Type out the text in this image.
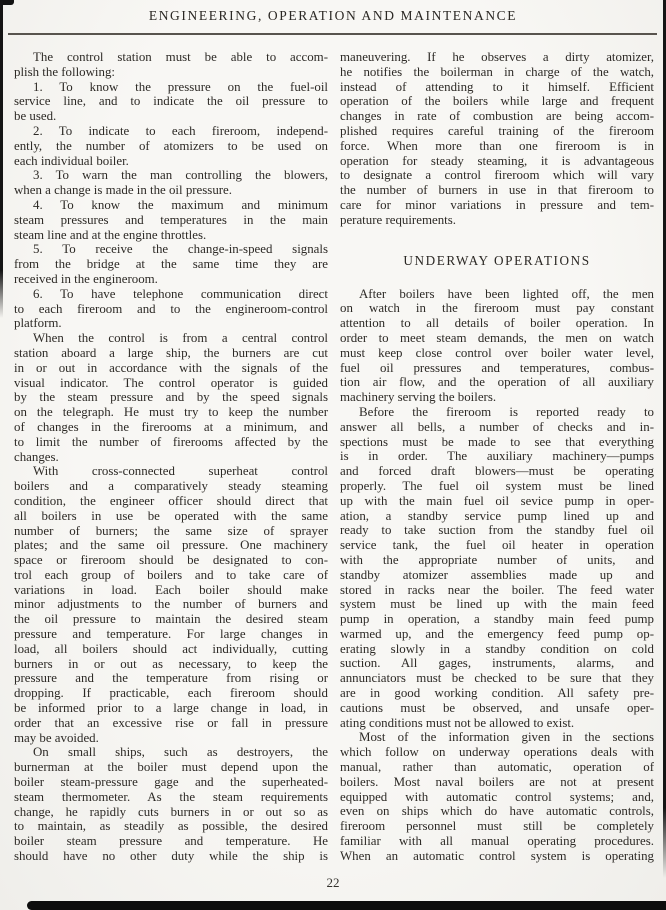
ENGINEERING, OPERATION AND MAINTENANCE
The control station must be able to accom-
plish the following:
1. To know the pressure on the fuel-oil
service line, and to indicate the oil pressure to
be used.
2. To indicate to each fireroom, independ-
ently, the number of atomizers to be used on
each individual boiler.
3. To warn the man controlling the blowers,
when a change is made in the oil pressure.
4. To know the maximum and minimum
steam pressures and temperatures in the main
steam line and at the engine throttles.
5. To receive the change-in-speed signals
from the bridge at the same time they are
received in the engineroom.
6. To have telephone communication direct
to each fireroom and to the engineroom-control
platform.
When the control is from a central control
station aboard a large ship, the burners are cut
in or out in accordance with the signals of the
visual indicator. The control operator is guided
by the steam pressure and by the speed signals
on the telegraph. He must try to keep the number
of changes in the firerooms at a minimum, and
to limit the number of firerooms affected by the
changes.
With cross-connected superheat control
boilers and a comparatively steady steaming
condition, the engineer officer should direct that
all boilers in use be operated with the same
number of burners; the same size of sprayer
plates; and the same oil pressure. One machinery
space or fireroom should be designated to con-
trol each group of boilers and to take care of
variations in load. Each boiler should make
minor adjustments to the number of burners and
the oil pressure to maintain the desired steam
pressure and temperature. For large changes in
load, all boilers should act individually, cutting
burners in or out as necessary, to keep the
pressure and the temperature from rising or
dropping. If practicable, each fireroom should
be informed prior to a large change in load, in
order that an excessive rise or fall in pressure
may be avoided.
On small ships, such as destroyers, the
burnerman at the boiler must depend upon the
boiler steam-pressure gage and the superheated-
steam thermometer. As the steam requirements
change, he rapidly cuts burners in or out so as
to maintain, as steadily as possible, the desired
boiler steam pressure and temperature. He
should have no other duty while the ship is
maneuvering. If he observes a dirty atomizer,
he notifies the boilerman in charge of the watch,
instead of attending to it himself. Efficient
operation of the boilers while large and frequent
changes in rate of combustion are being accom-
plished requires careful training of the fireroom
force. When more than one fireroom is in
operation for steady steaming, it is advantageous
to designate a control fireroom which will vary
the number of burners in use in that fireroom to
care for minor variations in pressure and tem-
perature requirements.
UNDERWAY OPERATIONS
After boilers have been lighted off, the men
on watch in the fireroom must pay constant
attention to all details of boiler operation. In
order to meet steam demands, the men on watch
must keep close control over boiler water level,
fuel oil pressures and temperatures, combus-
tion air flow, and the operation of all auxiliary
machinery serving the boilers.
Before the fireroom is reported ready to
answer all bells, a number of checks and in-
spections must be made to see that everything
is in order. The auxiliary machinery—pumps
and forced draft blowers—must be operating
properly. The fuel oil system must be lined
up with the main fuel oil sevice pump in oper-
ation, a standby service pump lined up and
ready to take suction from the standby fuel oil
service tank, the fuel oil heater in operation
with the appropriate number of units, and
standby atomizer assemblies made up and
stored in racks near the boiler. The feed water
system must be lined up with the main feed
pump in operation, a standby main feed pump
warmed up, and the emergency feed pump op-
erating slowly in a standby condition on cold
suction. All gages, instruments, alarms, and
annunciators must be checked to be sure that they
are in good working condition. All safety pre-
cautions must be observed, and unsafe oper-
ating conditions must not be allowed to exist.
Most of the information given in the sections
which follow on underway operations deals with
manual, rather than automatic, operation of
boilers. Most naval boilers are not at present
equipped with automatic control systems; and,
even on ships which do have automatic controls,
fireroom personnel must still be completely
familiar with all manual operating procedures.
When an automatic control system is operating
22
